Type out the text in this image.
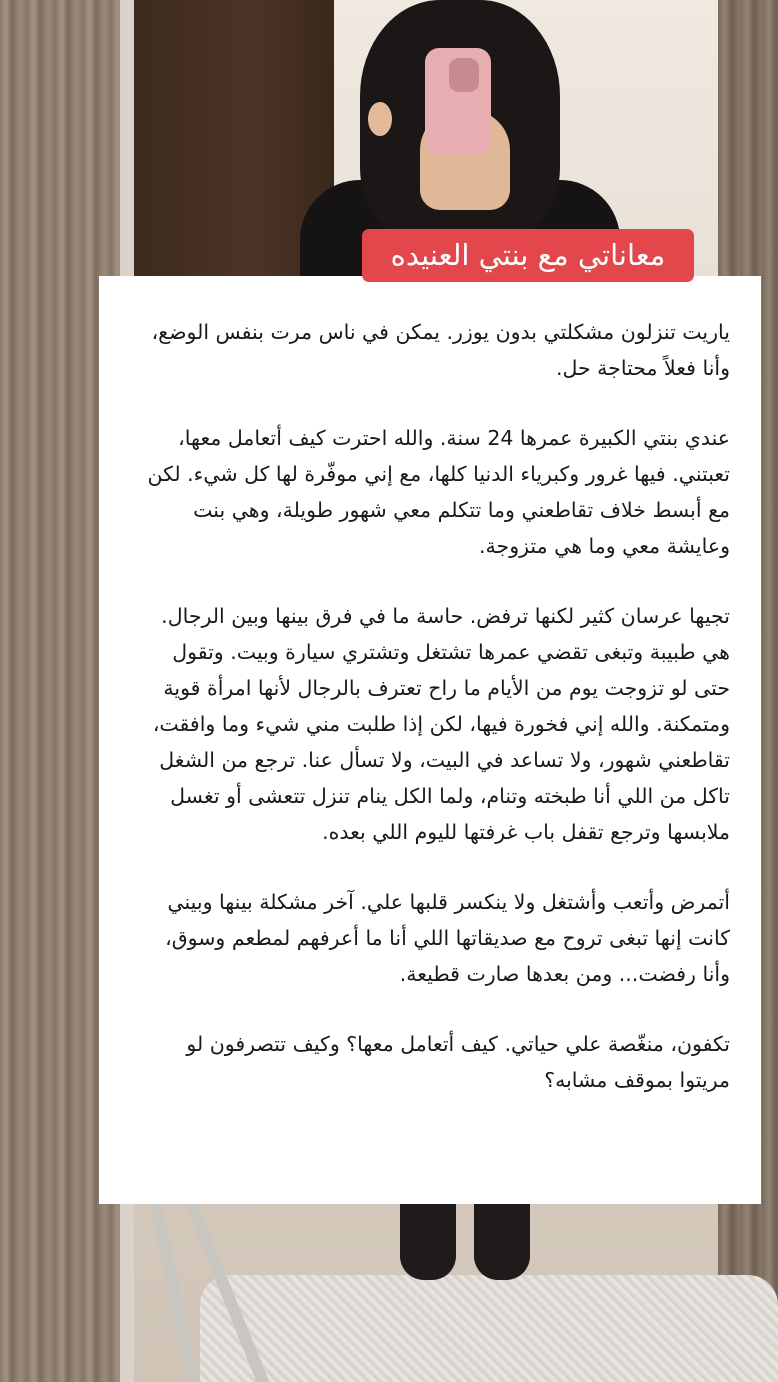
معاناتي مع بنتي العنيده

ياريت تنزلون مشكلتي بدون يوزر. يمكن في ناس مرت بنفس الوضع، وأنا فعلاً محتاجة حل.

عندي بنتي الكبيرة عمرها 24 سنة. والله احترت كيف أتعامل معها، تعبتني. فيها غرور وكبرياء الدنيا كلها، مع إني موفّرة لها كل شيء. لكن مع أبسط خلاف تقاطعني وما تتكلم معي شهور طويلة، وهي بنت وعايشة معي وما هي متزوجة.

تجيها عرسان كثير لكنها ترفض. حاسة ما في فرق بينها وبين الرجال. هي طبيبة وتبغى تقضي عمرها تشتغل وتشتري سيارة وبيت. وتقول حتى لو تزوجت يوم من الأيام ما راح تعترف بالرجال لأنها امرأة قوية ومتمكنة. والله إني فخورة فيها، لكن إذا طلبت مني شيء وما وافقت، تقاطعني شهور، ولا تساعد في البيت، ولا تسأل عنا. ترجع من الشغل تاكل من اللي أنا طبخته وتنام، ولما الكل ينام تنزل تتعشى أو تغسل ملابسها وترجع تقفل باب غرفتها لليوم اللي بعده.

أتمرض وأتعب وأشتغل ولا ينكسر قلبها علي. آخر مشكلة بينها وبيني كانت إنها تبغى تروح مع صديقاتها اللي أنا ما أعرفهم لمطعم وسوق، وأنا رفضت... ومن بعدها صارت قطيعة.

تكفون، منغّصة علي حياتي. كيف أتعامل معها؟ وكيف تتصرفون لو مريتوا بموقف مشابه؟
